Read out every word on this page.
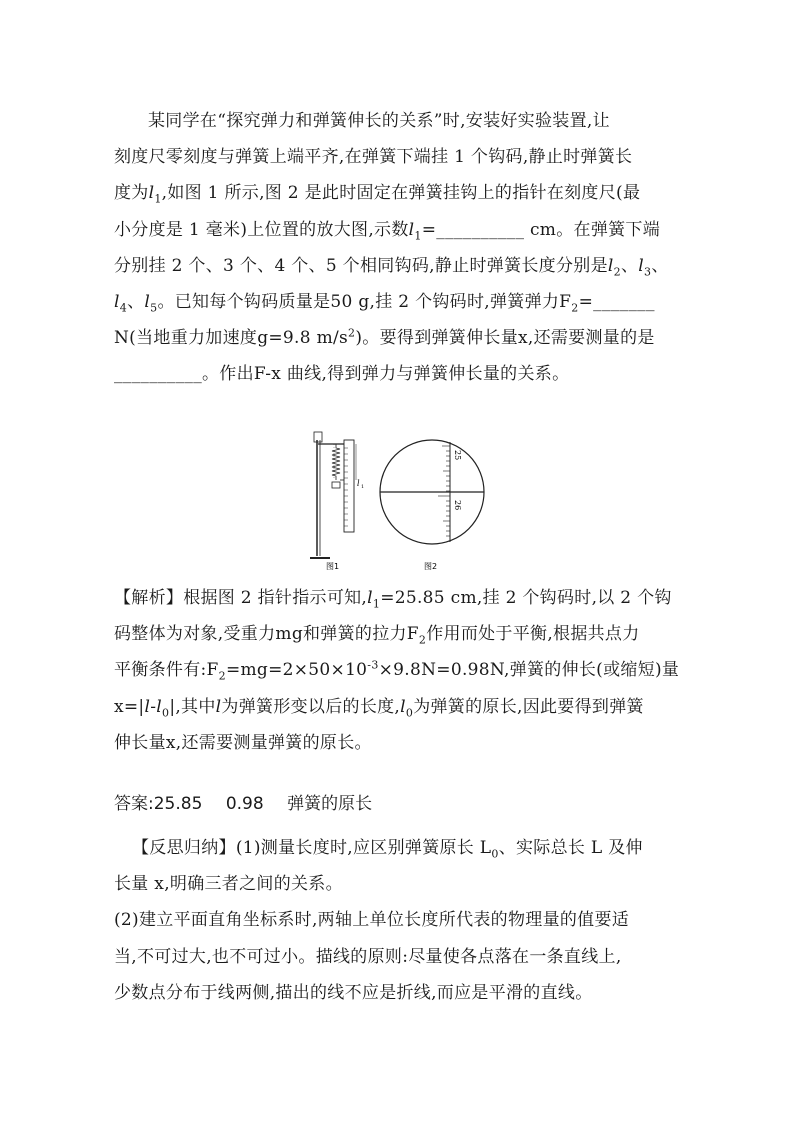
某同学在“探究弹力和弹簧伸长的关系”时,安装好实验装置,让
刻度尺零刻度与弹簧上端平齐,在弹簧下端挂 1 个钩码,静止时弹簧长
度为$l_1$,如图 1 所示,图 2 是此时固定在弹簧挂钩上的指针在刻度尺(最
小分度是 1 毫米)上位置的放大图,示数$l_1=\_\_\_\_\_\_\_\_\_\_$ cm。在弹簧下端
分别挂 2 个、3 个、4 个、5 个相同钩码,静止时弹簧长度分别是$l_2$、$l_3$、
$l_4$、$l_5$。已知每个钩码质量是50 g,挂 2 个钩码时,弹簧弹力$F_2=\_\_\_\_\_\_\_$
N(当地重力加速度g=9.8 $m/s^2$)。要得到弹簧伸长量x,还需要测量的是
__________。作出F-x 曲线,得到弹力与弹簧伸长量的关系。

l 1
图1
25
26
图2

【解析】根据图 2 指针指示可知$,l_1=25.85$ cm,挂 2 个钩码时,以 2 个钩
码整体为对象,受重力mg和弹簧的拉力$F_2$作用而处于平衡,根据共点力
平衡条件有$:F_2=mg=2\times 50\times 10^{-3}\times 9.8N=0.98N$,弹簧的伸长(或缩短)量
$x=|l-l_0|$,其中l为弹簧形变以后的长度$,l_0$为弹簧的原长,因此要得到弹簧
伸长量x,还需要测量弹簧的原长。

答案:25.85 0.98 弹簧的原长

【反思归纳】(1)测量长度时,应区别弹簧原长 $L_0$、实际总长 L 及伸
长量 x,明确三者之间的关系。
(2)建立平面直角坐标系时,两轴上单位长度所代表的物理量的值要适
当,不可过大,也不可过小。描线的原则:尽量使各点落在一条直线上,
少数点分布于线两侧,描出的线不应是折线,而应是平滑的直线。
